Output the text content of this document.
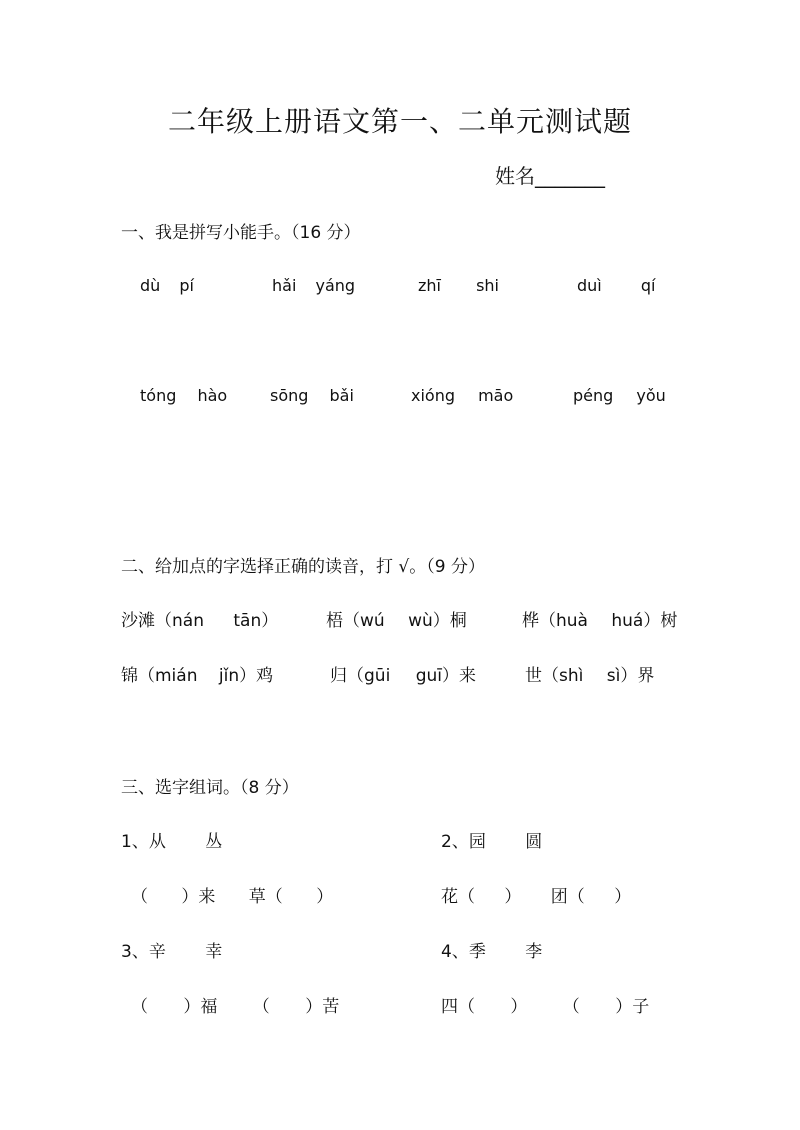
二年级上册语文第一、二单元测试题
姓名_______
一、我是拼写小能手。（16 分）
dù pí	hǎi yáng	zhī shi	duì qí
tóng hào	sōng bǎi	xióng māo	péng yǒu
二、给加点的字选择正确的读音，打 √。（9 分）
沙滩（nán tān）	梧（wú wù）桐	桦（huà huá）树
锦（mián jǐn）鸡	归（gūi guī）来	世（shì sì）界
三、选字组词。（8 分）
1、从 丛	2、园 圆
（ ）来 草（ ）	花（ ） 团（ ）
3、辛 幸	4、季 李
（ ）福 （ ）苦	四（ ） （ ）子
